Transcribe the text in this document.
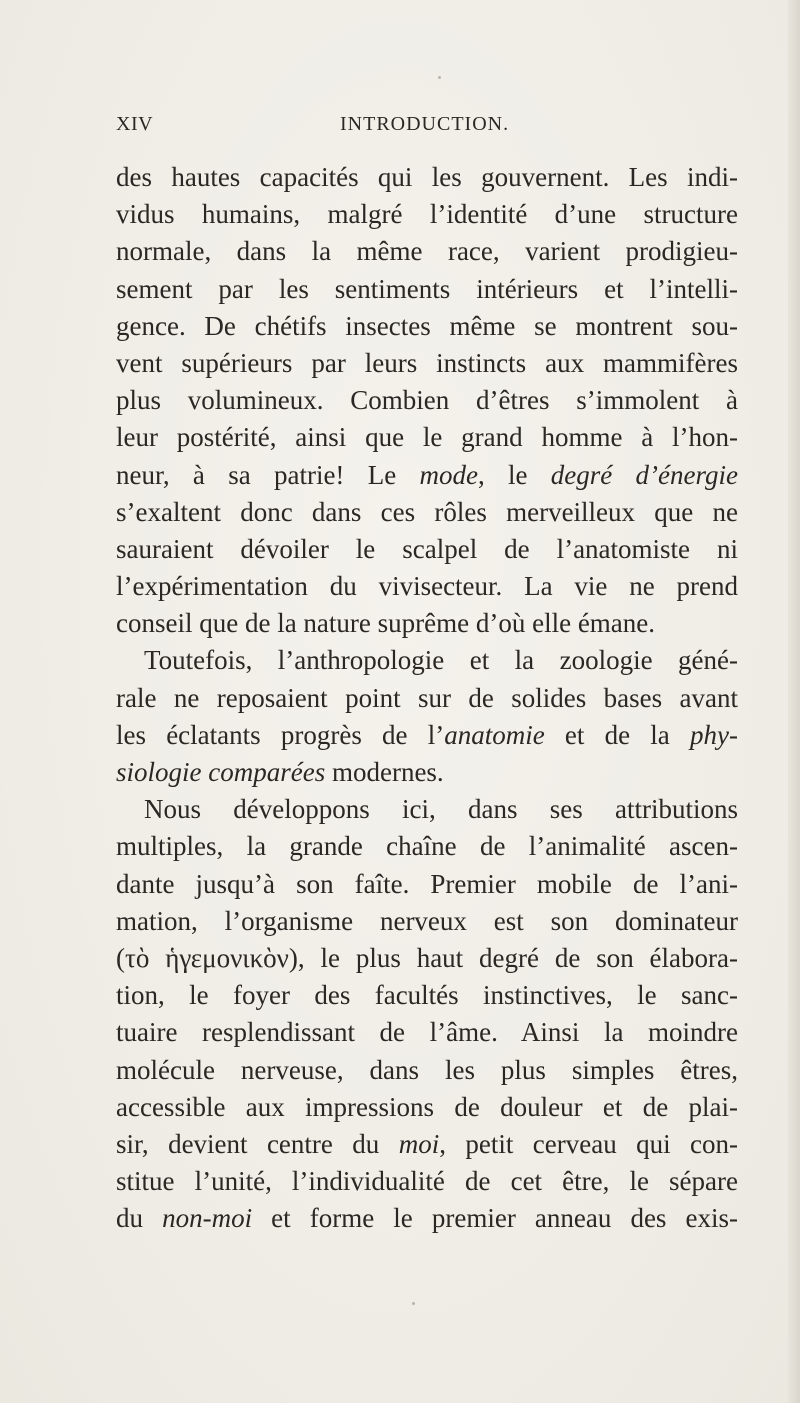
XIV	INTRODUCTION.
des hautes capacités qui les gouvernent. Les indi-
vidus humains, malgré l’identité d’une structure
normale, dans la même race, varient prodigieu-
sement par les sentiments intérieurs et l’intelli-
gence. De chétifs insectes même se montrent sou-
vent supérieurs par leurs instincts aux mammifères
plus volumineux. Combien d’êtres s’immolent à
leur postérité, ainsi que le grand homme à l’hon-
neur, à sa patrie! Le mode, le degré d’énergie
s’exaltent donc dans ces rôles merveilleux que ne
sauraient dévoiler le scalpel de l’anatomiste ni
l’expérimentation du vivisecteur. La vie ne prend
conseil que de la nature suprême d’où elle émane.
Toutefois, l’anthropologie et la zoologie géné-
rale ne reposaient point sur de solides bases avant
les éclatants progrès de l’anatomie et de la phy-
siologie comparées modernes.
Nous développons ici, dans ses attributions
multiples, la grande chaîne de l’animalité ascen-
dante jusqu’à son faîte. Premier mobile de l’ani-
mation, l’organisme nerveux est son dominateur
(τὸ ἡγεμονικὸν), le plus haut degré de son élabora-
tion, le foyer des facultés instinctives, le sanc-
tuaire resplendissant de l’âme. Ainsi la moindre
molécule nerveuse, dans les plus simples êtres,
accessible aux impressions de douleur et de plai-
sir, devient centre du moi, petit cerveau qui con-
stitue l’unité, l’individualité de cet être, le sépare
du non-moi et forme le premier anneau des exis-
